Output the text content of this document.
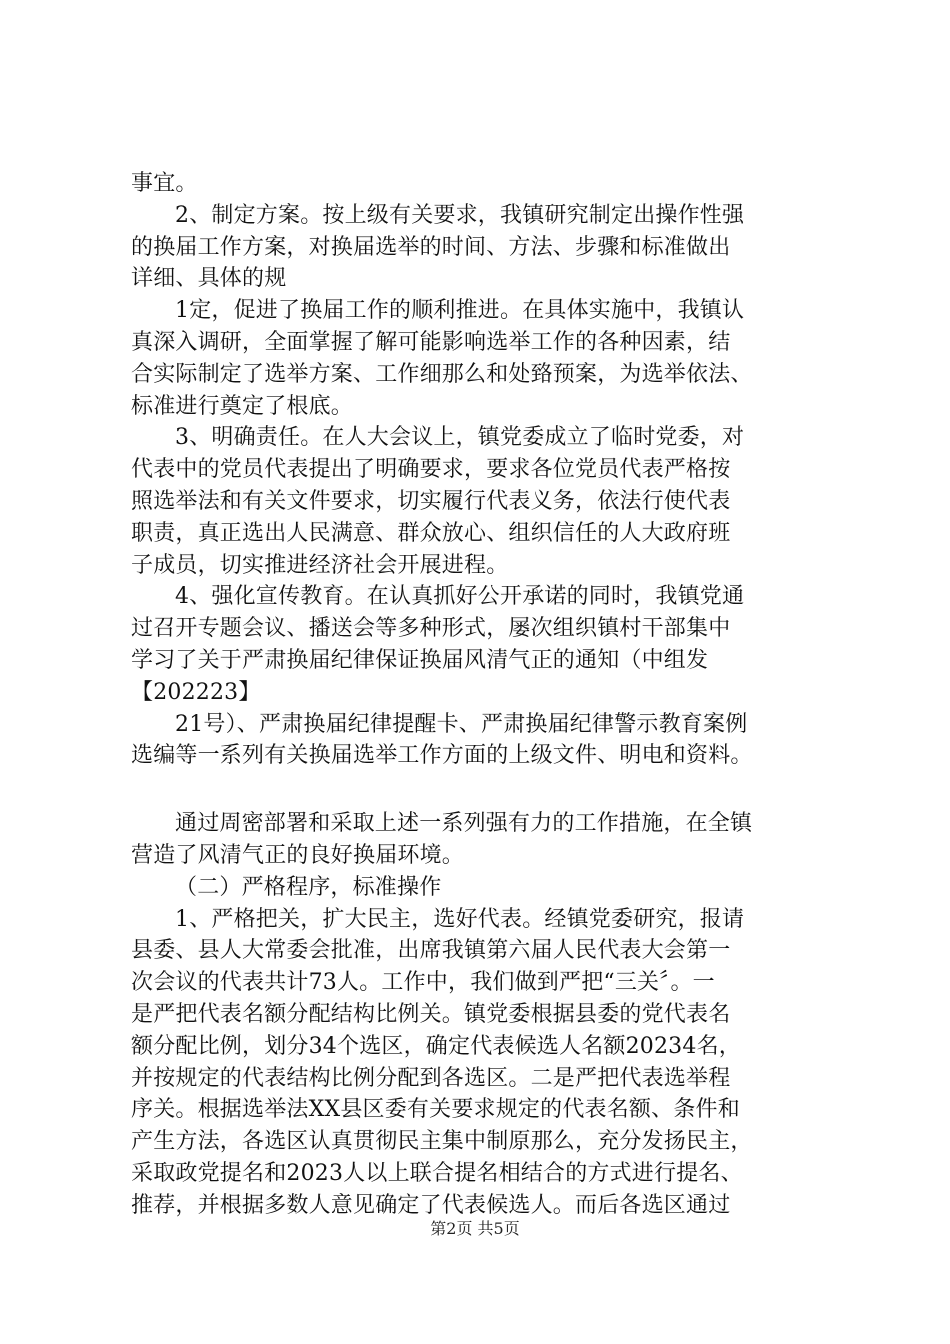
事宜。

2、制定方案。按上级有关要求，我镇研究制定出操作性强

的换届工作方案，对换届选举的时间、方法、步骤和标准做出

详细、具体的规

1定，促进了换届工作的顺利推进。在具体实施中，我镇认

真深入调研，全面掌握了解可能影响选举工作的各种因素，结

合实际制定了选举方案、工作细那么和处臵预案，为选举依法、

标准进行奠定了根底。

3、明确责任。在人大会议上，镇党委成立了临时党委，对

代表中的党员代表提出了明确要求，要求各位党员代表严格按

照选举法和有关文件要求，切实履行代表义务，依法行使代表

职责，真正选出人民满意、群众放心、组织信任的人大政府班

子成员，切实推进经济社会开展进程。

4、强化宣传教育。在认真抓好公开承诺的同时，我镇党通

过召开专题会议、播送会等多种形式，屡次组织镇村干部集中

学习了关于严肃换届纪律保证换届风清气正的通知（中组发

【202223】

21号）、严肃换届纪律提醒卡、严肃换届纪律警示教育案例

选编等一系列有关换届选举工作方面的上级文件、明电和资料。

通过周密部署和采取上述一系列强有力的工作措施，在全镇

营造了风清气正的良好换届环境。

（二）严格程序，标准操作

1、严格把关，扩大民主，选好代表。经镇党委研究，报请

县委、县人大常委会批准，出席我镇第六届人民代表大会第一

次会议的代表共计73人。工作中，我们做到严把“三关〞。一

是严把代表名额分配结构比例关。镇党委根据县委的党代表名

额分配比例，划分34个选区，确定代表候选人名额20234名，

并按规定的代表结构比例分配到各选区。二是严把代表选举程

序关。根据选举法XX县区委有关要求规定的代表名额、条件和

产生方法，各选区认真贯彻民主集中制原那么，充分发扬民主，

采取政党提名和2023人以上联合提名相结合的方式进行提名、

推荐，并根据多数人意见确定了代表候选人。而后各选区通过

第2页 共5页
